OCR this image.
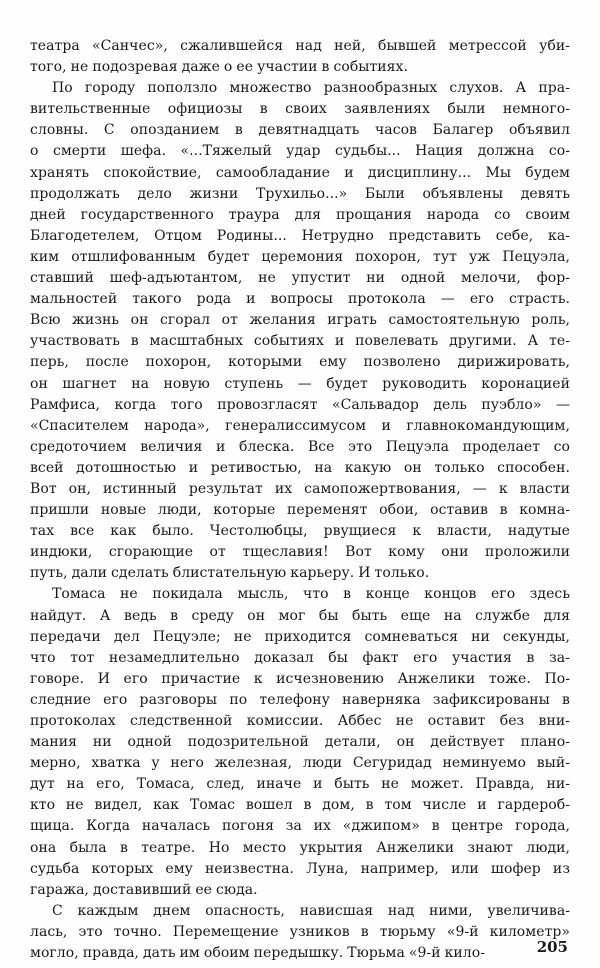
театра «Санчес», сжалившейся над ней, бывшей метрессой уби-
того, не подозревая даже о ее участии в событиях.
По городу поползло множество разнообразных слухов. А пра-
вительственные официозы в своих заявлениях были немного-
словны. С опозданием в девятнадцать часов Балагер объявил
о смерти шефа. «...Тяжелый удар судьбы... Нация должна со-
хранять спокойствие, самообладание и дисциплину... Мы будем
продолжать дело жизни Трухильо...» Были объявлены девять
дней государственного траура для прощания народа со своим
Благодетелем, Отцом Родины... Нетрудно представить себе, ка-
ким отшлифованным будет церемония похорон, тут уж Пецуэла,
ставший шеф-адъютантом, не упустит ни одной мелочи, фор-
мальностей такого рода и вопросы протокола — его страсть.
Всю жизнь он сгорал от желания играть самостоятельную роль,
участвовать в масштабных событиях и повелевать другими. А те-
перь, после похорон, которыми ему позволено дирижировать,
он шагнет на новую ступень — будет руководить коронацией
Рамфиса, когда того провозгласят «Сальвадор дель пуэбло» —
«Спасителем народа», генералиссимусом и главнокомандующим,
средоточием величия и блеска. Все это Пецуэла проделает со
всей дотошностью и ретивостью, на какую он только способен.
Вот он, истинный результат их самопожертвования, — к власти
пришли новые люди, которые переменят обои, оставив в комна-
тах все как было. Честолюбцы, рвущиеся к власти, надутые
индюки, сгорающие от тщеславия! Вот кому они проложили
путь, дали сделать блистательную карьеру. И только.
Томаса не покидала мысль, что в конце концов его здесь
найдут. А ведь в среду он мог бы быть еще на службе для
передачи дел Пецуэле; не приходится сомневаться ни секунды,
что тот незамедлительно доказал бы факт его участия в за-
говоре. И его причастие к исчезновению Анжелики тоже. По-
следние его разговоры по телефону наверняка зафиксированы в
протоколах следственной комиссии. Аббес не оставит без вни-
мания ни одной подозрительной детали, он действует плано-
мерно, хватка у него железная, люди Сегуридад неминуемо вый-
дут на его, Томаса, след, иначе и быть не может. Правда, ни-
кто не видел, как Томас вошел в дом, в том числе и гардероб-
щица. Когда началась погоня за их «джипом» в центре города,
она была в театре. Но место укрытия Анжелики знают люди,
судьба которых ему неизвестна. Луна, например, или шофер из
гаража, доставивший ее сюда.
С каждым днем опасность, нависшая над ними, увеличива-
лась, это точно. Перемещение узников в тюрьму «9-й километр»
могло, правда, дать им обоим передышку. Тюрьма «9-й кило-	205
